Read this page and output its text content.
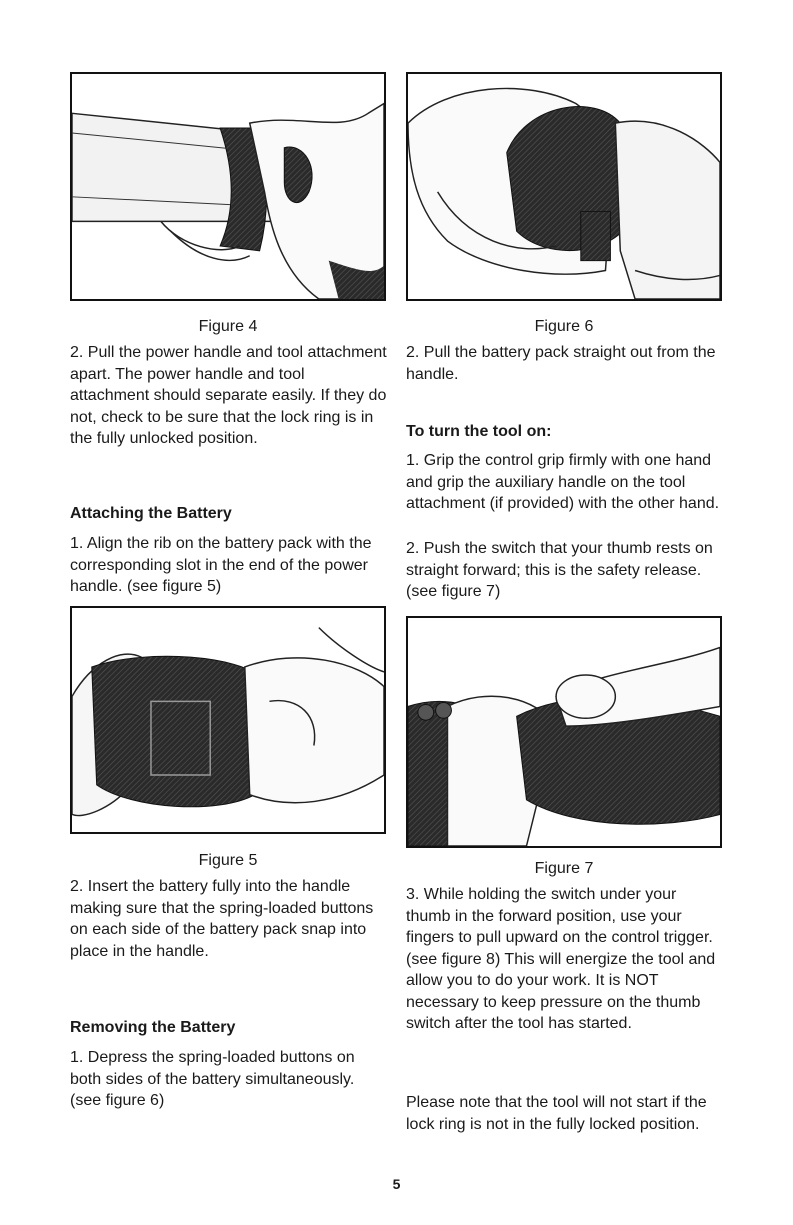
Figure 4	Figure 6

2. Pull the power handle and tool attachment apart. The power handle and tool attachment should separate easily. If they do not, check to be sure that the lock ring is in the fully unlocked position.

Attaching the Battery

1. Align the rib on the battery pack with the corresponding slot in the end of the power handle. (see figure 5)

2. Pull the battery pack straight out from the handle.

To turn the tool on:

1. Grip the control grip firmly with one hand and grip the auxiliary handle on the tool attachment (if provided) with the other hand.

2. Push the switch that your thumb rests on straight forward; this is the safety release. (see figure 7)

Figure 5	Figure 7

2. Insert the battery fully into the handle making sure that the spring-loaded buttons on each side of the battery pack snap into place in the handle.

Removing the Battery

1. Depress the spring-loaded buttons on both sides of the battery simultaneously. (see figure 6)

3. While holding the switch under your thumb in the forward position, use your fingers to pull upward on the control trigger. (see figure 8) This will energize the tool and allow you to do your work. It is NOT necessary to keep pressure on the thumb switch after the tool has started.

Please note that the tool will not start if the lock ring is not in the fully locked position.

5
